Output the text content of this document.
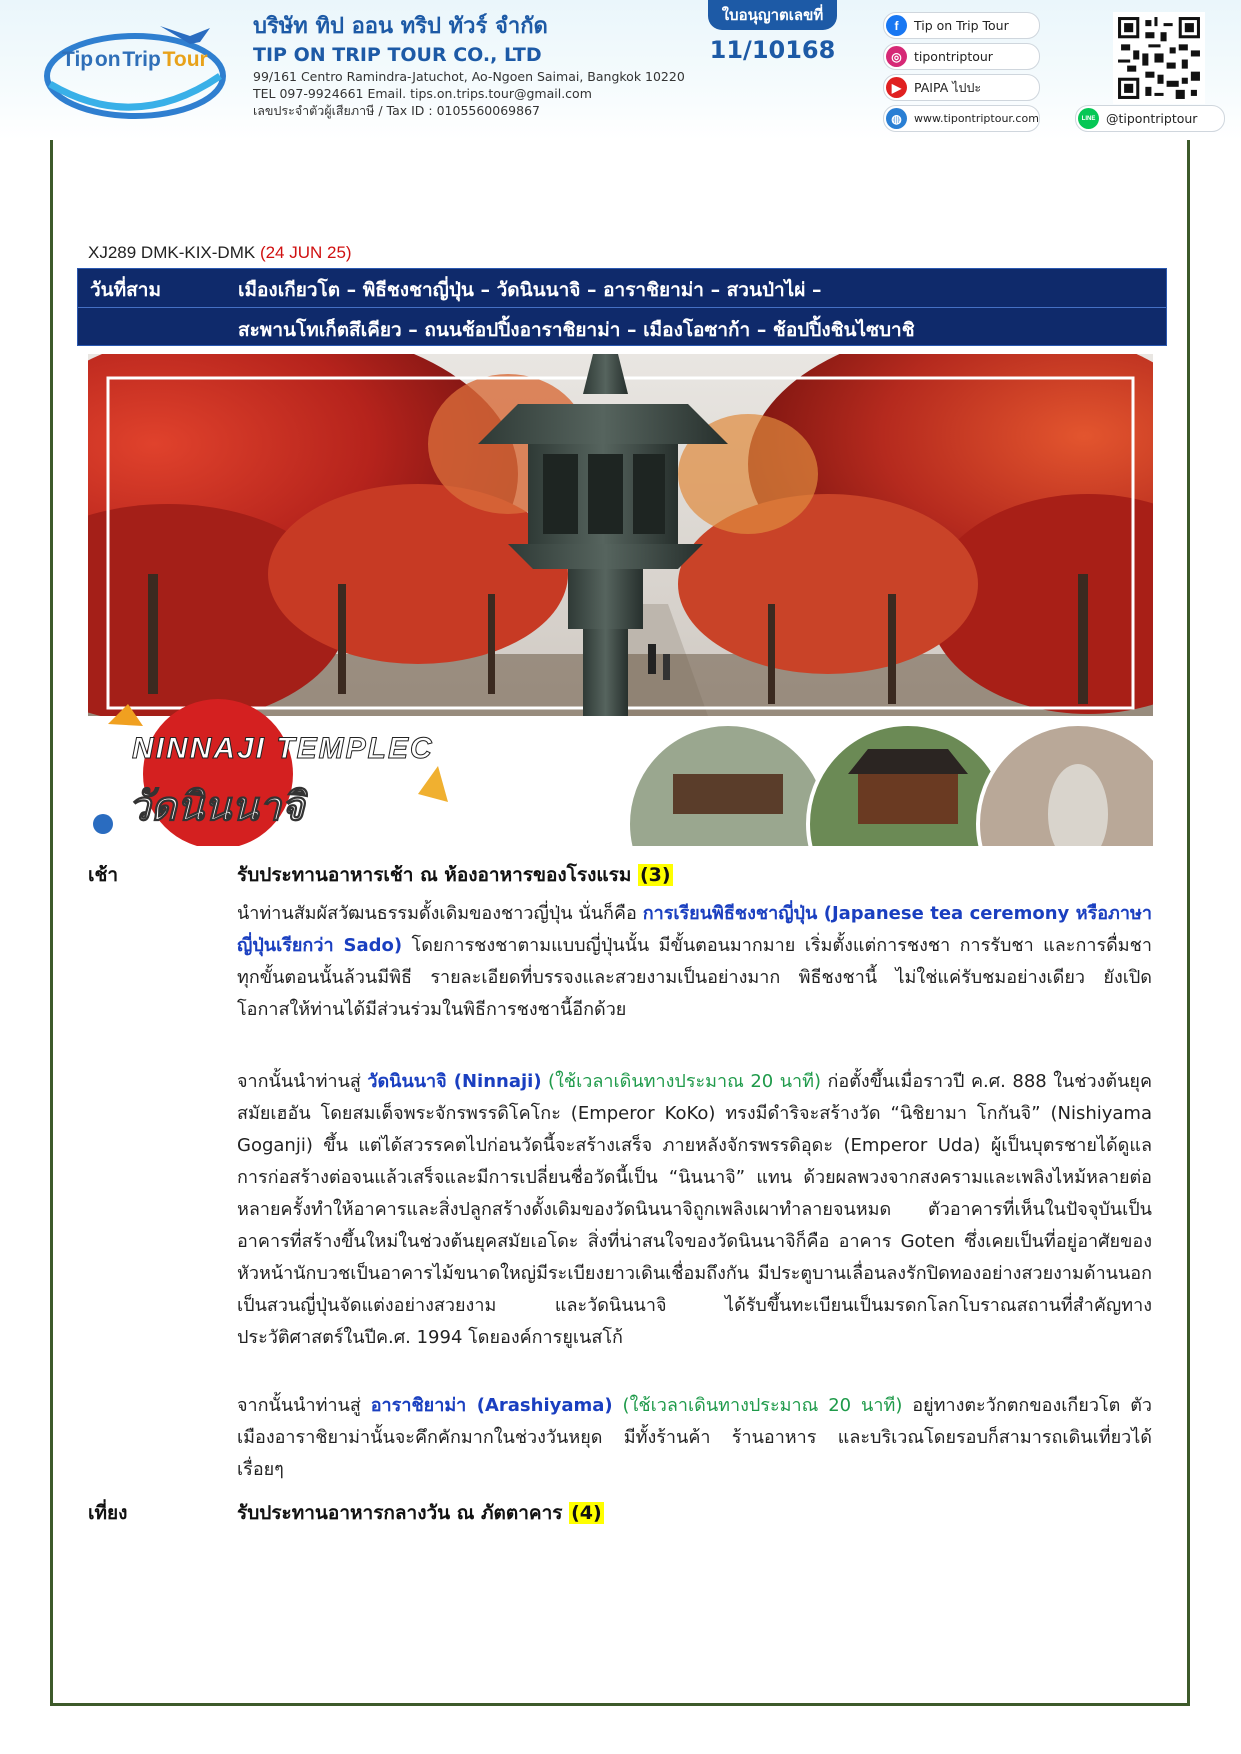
Tip on Trip Tour
บริษัท ทิป ออน ทริป ทัวร์ จำกัด
TIP ON TRIP TOUR CO., LTD
99/161 Centro Ramindra-Jatuchot, Ao-Ngoen Saimai, Bangkok 10220
TEL 097-9924661 Email. tips.on.trips.tour@gmail.com
เลขประจำตัวผู้เสียภาษี / Tax ID : 0105560069867
ใบอนุญาตเลขที่
11/10168
f	Tip on Trip Tour
◎ tipontriptour
▶	PAIPA ไปปะ
◍	www.tipontriptour.com	LINE @tipontriptour
XJ289 DMK-KIX-DMK (24 JUN 25)
วันที่สาม	เมืองเกียวโต – พิธีชงชาญี่ปุ่น – วัดนินนาจิ – อาราชิยาม่า – สวนป่าไผ่ –
สะพานโทเก็ตสึเคียว – ถนนช้อปปิ้งอาราชิยาม่า – เมืองโอซาก้า – ช้อปปิ้งชินไซบาชิ
NINNAJI TEMPLEC
วัดนินนาจิ
เช้า	รับประทานอาหารเช้า ณ ห้องอาหารของโรงแรม (3)
นำท่านสัมผัสวัฒนธรรมดั้งเดิมของชาวญี่ปุ่น นั่นก็คือ การเรียนพิธีชงชาญี่ปุ่น (Japanese tea ceremony หรือภาษาญี่ปุ่นเรียกว่า Sado) โดยการชงชาตามแบบญี่ปุ่นนั้น มีขั้นตอนมากมาย เริ่มตั้งแต่การชงชา การรับชา และการดื่มชา ทุกขั้นตอนนั้นล้วนมีพิธี รายละเอียดที่บรรจงและสวยงามเป็นอย่างมาก พิธีชงชานี้ ไม่ใช่แค่รับชมอย่างเดียว ยังเปิดโอกาสให้ท่านได้มีส่วนร่วมในพิธีการชงชานี้อีกด้วย
จากนั้นนำท่านสู่ วัดนินนาจิ (Ninnaji) (ใช้เวลาเดินทางประมาณ 20 นาที) ก่อตั้งขึ้นเมื่อราวปี ค.ศ. 888 ในช่วงต้นยุคสมัยเฮอัน โดยสมเด็จพระจักรพรรดิโคโกะ (Emperor KoKo) ทรงมีดำริจะสร้างวัด “นิชิยามา โกกันจิ” (Nishiyama Goganji) ขึ้น แต่ได้สวรรคตไปก่อนวัดนี้จะสร้างเสร็จ ภายหลังจักรพรรดิอุดะ (Emperor Uda) ผู้เป็นบุตรชายได้ดูแลการก่อสร้างต่อจนแล้วเสร็จและมีการเปลี่ยนชื่อวัดนี้เป็น “นินนาจิ” แทน ด้วยผลพวงจากสงครามและเพลิงไหม้หลายต่อหลายครั้งทำให้อาคารและสิ่งปลูกสร้างดั้งเดิมของวัดนินนาจิถูกเพลิงเผาทำลายจนหมด ตัวอาคารที่เห็นในปัจจุบันเป็นอาคารที่สร้างขึ้นใหม่ในช่วงต้นยุคสมัยเอโดะ สิ่งที่น่าสนใจของวัดนินนาจิก็คือ อาคาร Goten ซึ่งเคยเป็นที่อยู่อาศัยของหัวหน้านักบวชเป็นอาคารไม้ขนาดใหญ่มีระเบียงยาวเดินเชื่อมถึงกัน มีประตูบานเลื่อนลงรักปิดทองอย่างสวยงามด้านนอกเป็นสวนญี่ปุ่นจัดแต่งอย่างสวยงาม และวัดนินนาจิ ได้รับขึ้นทะเบียนเป็นมรดกโลกโบราณสถานที่สำคัญทางประวัติศาสตร์ในปีค.ศ. 1994 โดยองค์การยูเนสโก้
จากนั้นนำท่านสู่ อาราชิยาม่า (Arashiyama) (ใช้เวลาเดินทางประมาณ 20 นาที) อยู่ทางตะวักตกของเกียวโต ตัวเมืองอาราชิยาม่านั้นจะคึกคักมากในช่วงวันหยุด มีทั้งร้านค้า ร้านอาหาร และบริเวณโดยรอบก็สามารถเดินเที่ยวได้เรื่อยๆ
เที่ยง	รับประทานอาหารกลางวัน ณ ภัตตาคาร (4)
